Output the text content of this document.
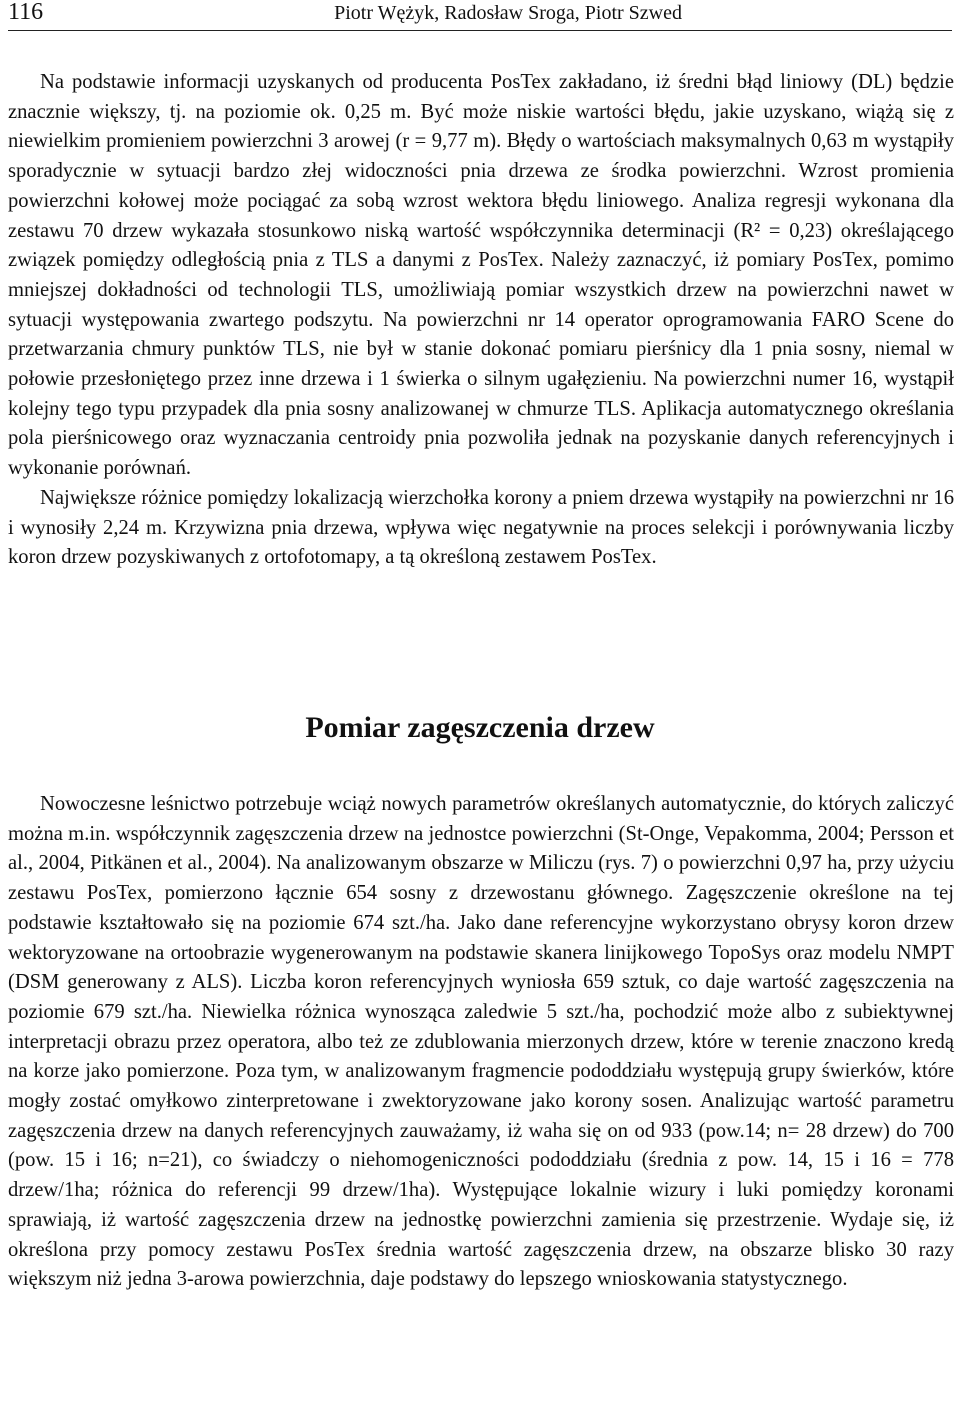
116	Piotr Wężyk, Radosław Sroga, Piotr Szwed

Na podstawie informacji uzyskanych od producenta PosTex zakładano, iż średni błąd liniowy (DL) będzie znacznie większy, tj. na poziomie ok. 0,25 m. Być może niskie wartości błędu, jakie uzyskano, wiążą się z niewielkim promieniem powierzchni 3 arowej (r = 9,77 m). Błędy o wartościach maksymalnych 0,63 m wystąpiły sporadycznie w sytuacji bardzo złej widoczności pnia drzewa ze środka powierzchni. Wzrost promienia powierzchni kołowej może pociągać za sobą wzrost wektora błędu liniowego. Analiza regresji wykonana dla zestawu 70 drzew wykazała stosunkowo niską wartość współczynnika determinacji (R² = 0,23) określającego związek pomiędzy odległością pnia z TLS a danymi z PosTex. Należy zaznaczyć, iż pomiary PosTex, pomimo mniejszej dokładności od technologii TLS, umożliwiają pomiar wszystkich drzew na powierzchni nawet w sytuacji występowania zwartego podszytu. Na powierzchni nr 14 operator oprogramowania FARO Scene do przetwarzania chmury punktów TLS, nie był w stanie dokonać pomiaru pierśnicy dla 1 pnia sosny, niemal w połowie przesłoniętego przez inne drzewa i 1 świerka o silnym ugałęzieniu. Na powierzchni numer 16, wystąpił kolejny tego typu przypadek dla pnia sosny analizowanej w chmurze TLS. Aplikacja automatycznego określania pola pierśnicowego oraz wyznaczania centroidy pnia pozwoliła jednak na pozyskanie danych referencyjnych i wykonanie porównań.

Największe różnice pomiędzy lokalizacją wierzchołka korony a pniem drzewa wystąpiły na powierzchni nr 16 i wynosiły 2,24 m. Krzywizna pnia drzewa, wpływa więc negatywnie na proces selekcji i porównywania liczby koron drzew pozyskiwanych z ortofotomapy, a tą określoną zestawem PosTex.

Pomiar zagęszczenia drzew

Nowoczesne leśnictwo potrzebuje wciąż nowych parametrów określanych automatycznie, do których zaliczyć można m.in. współczynnik zagęszczenia drzew na jednostce powierzchni (St-Onge, Vepakomma, 2004; Persson et al., 2004, Pitkänen et al., 2004). Na analizowanym obszarze w Miliczu (rys. 7) o powierzchni 0,97 ha, przy użyciu zestawu PosTex, pomierzono łącznie 654 sosny z drzewostanu głównego. Zagęszczenie określone na tej podstawie kształtowało się na poziomie 674 szt./ha. Jako dane referencyjne wykorzystano obrysy koron drzew wektoryzowane na ortoobrazie wygenerowanym na podstawie skanera linijkowego TopoSys oraz modelu NMPT (DSM generowany z ALS). Liczba koron referencyjnych wyniosła 659 sztuk, co daje wartość zagęszczenia na poziomie 679 szt./ha. Niewielka różnica wynosząca zaledwie 5 szt./ha, pochodzić może albo z subiektywnej interpretacji obrazu przez operatora, albo też ze zdublowania mierzonych drzew, które w terenie znaczono kredą na korze jako pomierzone. Poza tym, w analizowanym fragmencie pododdziału występują grupy świerków, które mogły zostać omyłkowo zinterpretowane i zwektoryzowane jako korony sosen. Analizując wartość parametru zagęszczenia drzew na danych referencyjnych zauważamy, iż waha się on od 933 (pow.14; n= 28 drzew) do 700 (pow. 15 i 16; n=21), co świadczy o niehomogeniczności pododdziału (średnia z pow. 14, 15 i 16 = 778 drzew/1ha; różnica do referencji 99 drzew/1ha). Występujące lokalnie wizury i luki pomiędzy koronami sprawiają, iż wartość zagęszczenia drzew na jednostkę powierzchni zamienia się przestrzenie. Wydaje się, iż określona przy pomocy zestawu PosTex średnia wartość zagęszczenia drzew, na obszarze blisko 30 razy większym niż jedna 3-arowa powierzchnia, daje podstawy do lepszego wnioskowania statystycznego.
